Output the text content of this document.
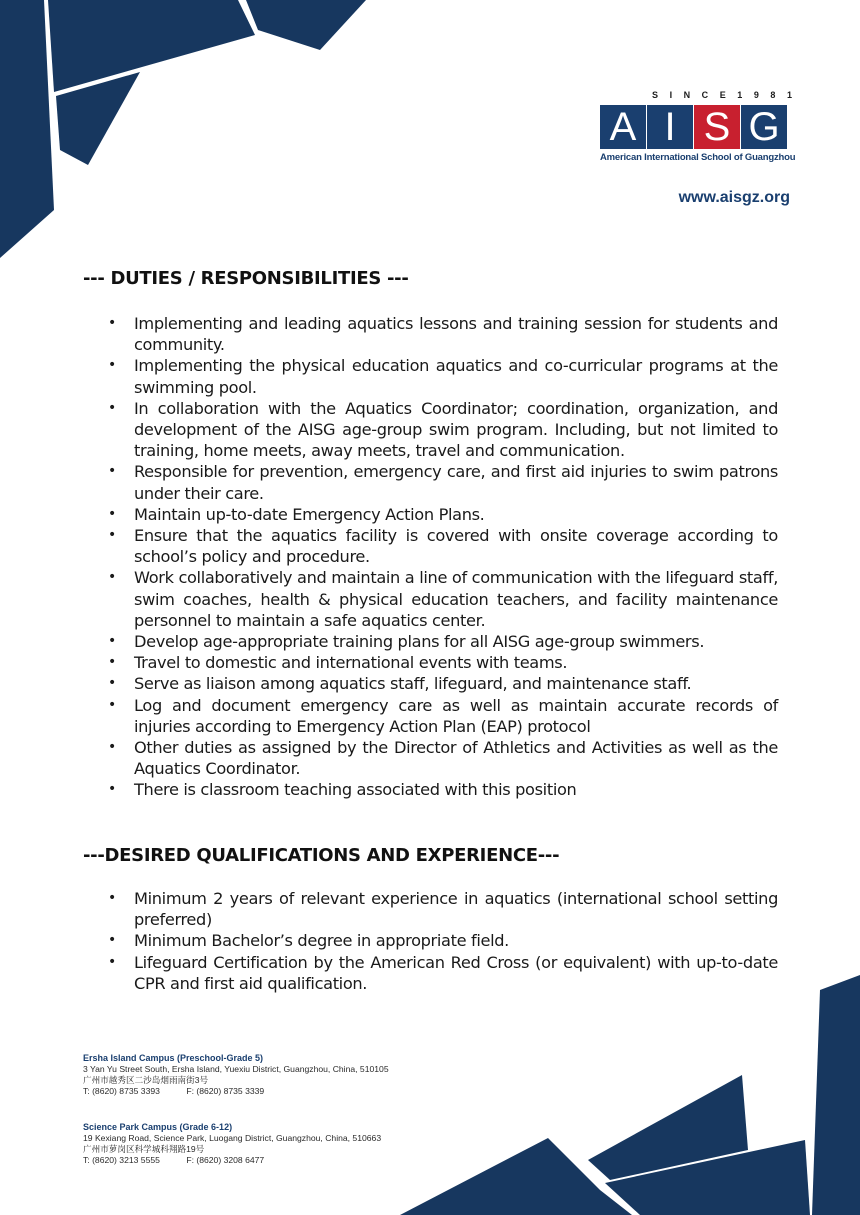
S I N C E 1 9 8 1
A I S G
American International School of Guangzhou
www.aisgz.org
--- DUTIES / RESPONSIBILITIES ---
• Implementing and leading aquatics lessons and training session for students and community.
• Implementing the physical education aquatics and co-curricular programs at the swimming pool.
• In collaboration with the Aquatics Coordinator; coordination, organization, and development of the AISG age-group swim program. Including, but not limited to training, home meets, away meets, travel and communication.
• Responsible for prevention, emergency care, and first aid injuries to swim patrons under their care.
• Maintain up-to-date Emergency Action Plans.
• Ensure that the aquatics facility is covered with onsite coverage according to school’s policy and procedure.
• Work collaboratively and maintain a line of communication with the lifeguard staff, swim coaches, health & physical education teachers, and facility maintenance personnel to maintain a safe aquatics center.
• Develop age-appropriate training plans for all AISG age-group swimmers.
• Travel to domestic and international events with teams.
• Serve as liaison among aquatics staff, lifeguard, and maintenance staff.
• Log and document emergency care as well as maintain accurate records of injuries according to Emergency Action Plan (EAP) protocol
• Other duties as assigned by the Director of Athletics and Activities as well as the Aquatics Coordinator.
• There is classroom teaching associated with this position
---DESIRED QUALIFICATIONS AND EXPERIENCE---
• Minimum 2 years of relevant experience in aquatics (international school setting preferred)
• Minimum Bachelor’s degree in appropriate field.
• Lifeguard Certification by the American Red Cross (or equivalent) with up-to-date CPR and first aid qualification.
Ersha Island Campus (Preschool-Grade 5)
3 Yan Yu Street South, Ersha Island, Yuexiu District, Guangzhou, China, 510105
广州市越秀区二沙岛烟雨南街3号
T: (8620) 8735 3393	F: (8620) 8735 3339
Science Park Campus (Grade 6-12)
19 Kexiang Road, Science Park, Luogang District, Guangzhou, China, 510663
广州市萝岗区科学城科翔路19号
T: (8620) 3213 5555	F: (8620) 3208 6477
